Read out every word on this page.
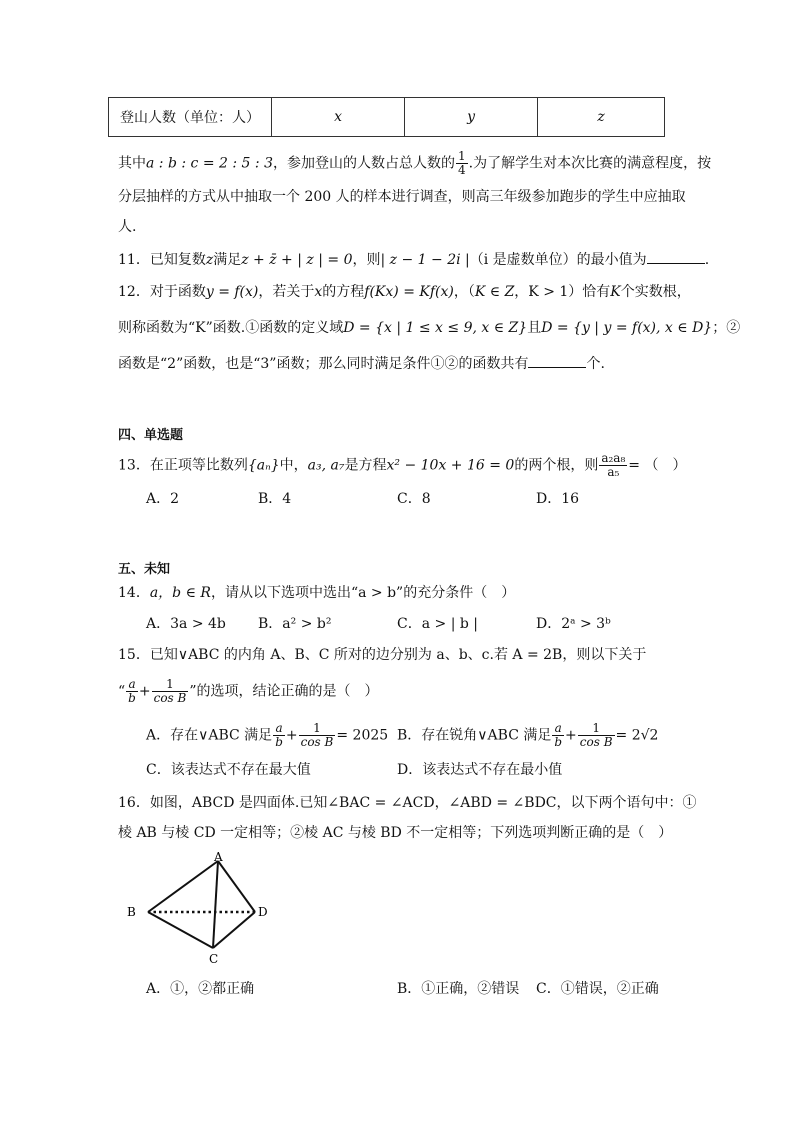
登山人数（单位：人）	x	y	z
其中a : b : c = 2 : 5 : 3，参加登山的人数占总人数的 $\frac{1}{4}$ .为了解学生对本次比赛的满意程度，按
分层抽样的方式从中抽取一个 200 人的样本进行调查，则高三年级参加跑步的学生中应抽取
人.
11．已知复数z满足z + z̄ + | z | = 0，则| z − 1 − 2i |（i 是虚数单位）的最小值为	.
12．对于函数y = f(x)，若关于x的方程f(Kx) = Kf(x)，（K ∈ Z，K > 1）恰有K个实数根，
则称函数为“K”函数.①函数的定义域D = {x | 1 ≤ x ≤ 9, x ∈ Z}且D = {y | y = f(x), x ∈ D}；②
函数是“2”函数，也是“3”函数；那么同时满足条件①②的函数共有	个.
四、单选题
13．在正项等比数列{aₙ}中，a₃, a₇是方程x² − 10x + 16 = 0的两个根，则 $\frac{\text{a₂a₈}}{\text{a₅}}$ = （　）
A．2	B．4	C．8	D．16
五、未知
14．a，b ∈ R，请从以下选项中选出“a > b”的充分条件（　）
A．3a > 4b B．a² > b²	C．a > | b |	D．2ᵃ > 3ᵇ
15．已知∨ABC 的内角 A、B、C 所对的边分别为 a、b、c.若 A = 2B，则以下关于
“ $\frac{a}{b} + \frac{1}{\text{cos B}}$ ”的选项，结论正确的是（　）
A．存在∨ABC 满足 $\frac{a}{b} + \frac{1}{\text{cos B}} = 2025$ B．存在锐角∨ABC 满足 $\frac{a}{b} + \frac{1}{\text{cos B}} = 2√2$
C．该表达式不存在最大值	D．该表达式不存在最小值
16．如图，ABCD 是四面体.已知∠BAC = ∠ACD，∠ABD = ∠BDC，以下两个语句中：①
棱 AB 与棱 CD 一定相等；②棱 AC 与棱 BD 不一定相等；下列选项判断正确的是（　）
A
B
C
D
A．①，②都正确	B．①正确，②错误 C．①错误，②正确
